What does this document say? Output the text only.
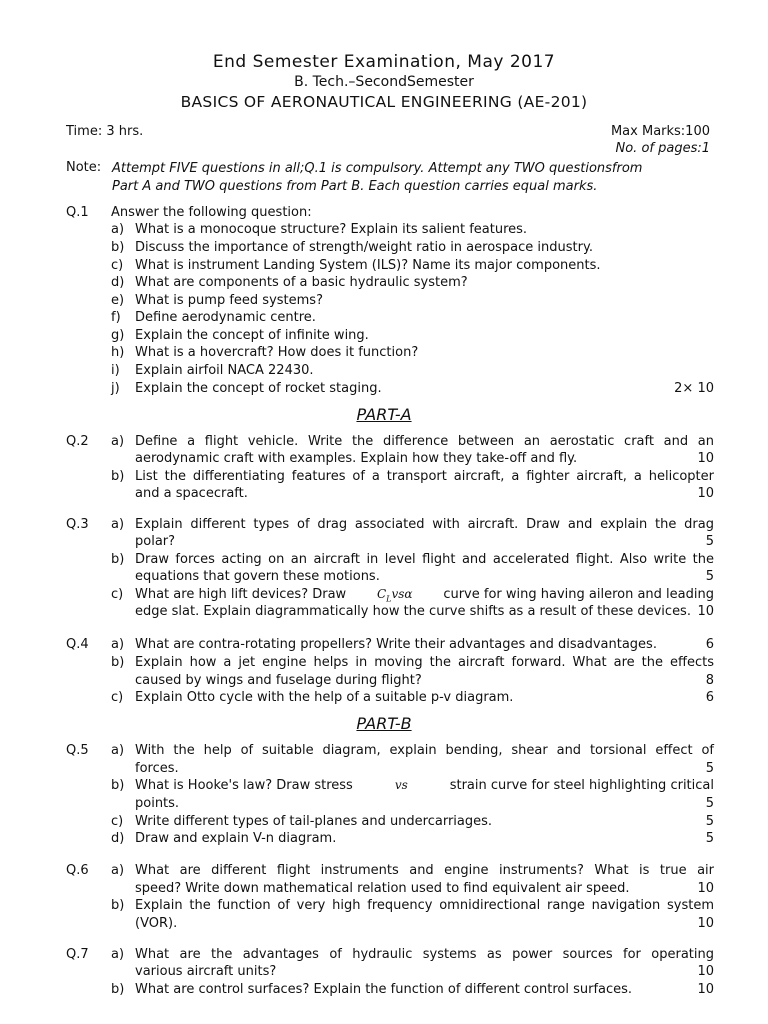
End Semester Examination, May 2017
B. Tech.–SecondSemester
BASICS OF AERONAUTICAL ENGINEERING (AE-201)
Time: 3 hrs.	Max Marks:100
No. of pages:1
Note: Attempt FIVE questions in all;Q.1 is compulsory. Attempt any TWO questionsfrom
Part A and TWO questions from Part B. Each question carries equal marks.
Q.1 Answer the following question:
a) What is a monocoque structure? Explain its salient features.
b) Discuss the importance of strength/weight ratio in aerospace industry.
c) What is instrument Landing System (ILS)? Name its major components.
d) What are components of a basic hydraulic system?
e) What is pump feed systems?
f) Define aerodynamic centre.
g) Explain the concept of infinite wing.
h) What is a hovercraft? How does it function?
i) Explain airfoil NACA 22430.
j) Explain the concept of rocket staging.	2× 10
PART-A
Q.2 a) Define a flight vehicle. Write the difference between an aerostatic craft and an
aerodynamic craft with examples. Explain how they take-off and fly.	10
b) List the differentiating features of a transport aircraft, a fighter aircraft, a helicopter
and a spacecraft.	10
Q.3 a) Explain different types of drag associated with aircraft. Draw and explain the drag
polar?	5
b) Draw forces acting on an aircraft in level flight and accelerated flight. Also write the
equations that govern these motions.	5
c) What are high lift devices? Draw	$C_Lvs\alpha$ curve for wing having aileron and leading
edge slat. Explain diagrammatically how the curve shifts as a result of these devices. 10
Q.4 a) What are contra-rotating propellers? Write their advantages and disadvantages.	6
b) Explain how a jet engine helps in moving the aircraft forward. What are the effects
caused by wings and fuselage during flight?	8
c) Explain Otto cycle with the help of a suitable p-v diagram.	6
PART-B
Q.5 a) With the help of suitable diagram, explain bending, shear and torsional effect of
forces.	5
b) What is Hooke's law? Draw stress	vs	strain curve for steel highlighting critical
points.	5
c) Write different types of tail-planes and undercarriages.	5
d) Draw and explain V-n diagram.	5
Q.6 a) What are different flight instruments and engine instruments? What is true air
speed? Write down mathematical relation used to find equivalent air speed.	10
b) Explain the function of very high frequency omnidirectional range navigation system
(VOR).	10
Q.7 a) What are the advantages of hydraulic systems as power sources for operating
various aircraft units?	10
b) What are control surfaces? Explain the function of different control surfaces.	10
